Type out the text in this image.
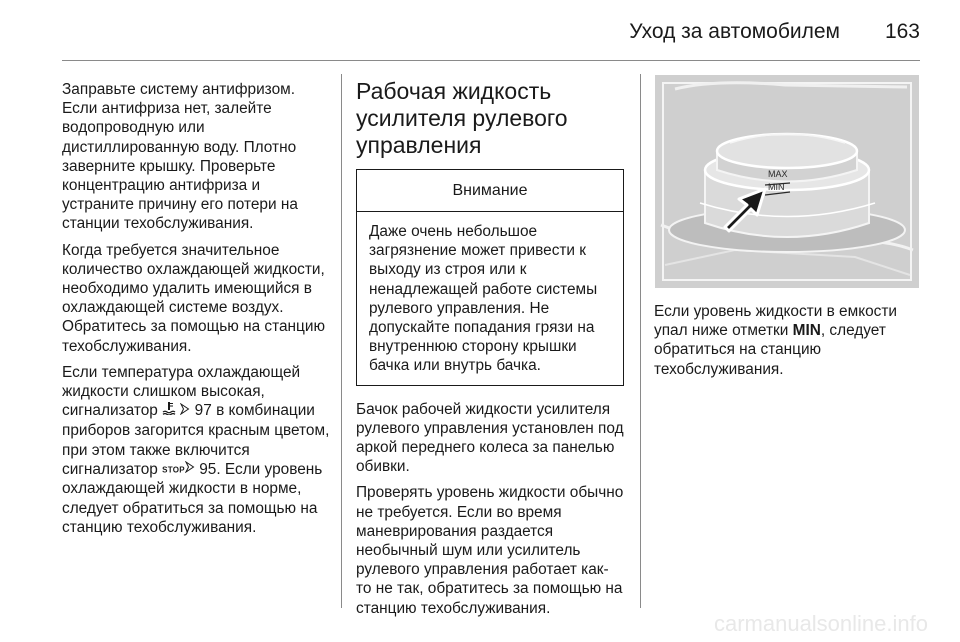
Уход за автомобилем	163

Заправьте систему антифризом. Если антифриза нет, залейте водопроводную или дистиллированную воду. Плотно заверните крышку. Проверьте концентрацию антифриза и устраните причину его потери на станции техобслуживания.

Когда требуется значительное количество охлаждающей жидкости, необходимо удалить имеющийся в охлаждающей системе воздух. Обратитесь за помощью на станцию техобслуживания.

Если температура охлаждающей жидкости слишком высокая, сигнализатор 97 в комбинации приборов загорится красным цветом, при этом также включится сигнализатор STOP 95. Если уровень охлаждающей жидкости в норме, следует обратиться за помощью на станцию техобслуживания.

Рабочая жидкость усилителя рулевого управления
Внимание
Даже очень небольшое загрязнение может привести к выходу из строя или к ненадлежащей работе системы рулевого управления. Не допускайте попадания грязи на внутреннюю сторону крышки бачка или внутрь бачка.

Бачок рабочей жидкости усилителя рулевого управления установлен под аркой переднего колеса за панелью обивки.

Проверять уровень жидкости обычно не требуется. Если во время маневрирования раздается необычный шум или усилитель рулевого управления работает как-то не так, обратитесь за помощью на станцию техобслуживания.

MAX
MIN

Если уровень жидкости в емкости упал ниже отметки MIN, следует обратиться на станцию техобслуживания.

carmanualsonline.info
